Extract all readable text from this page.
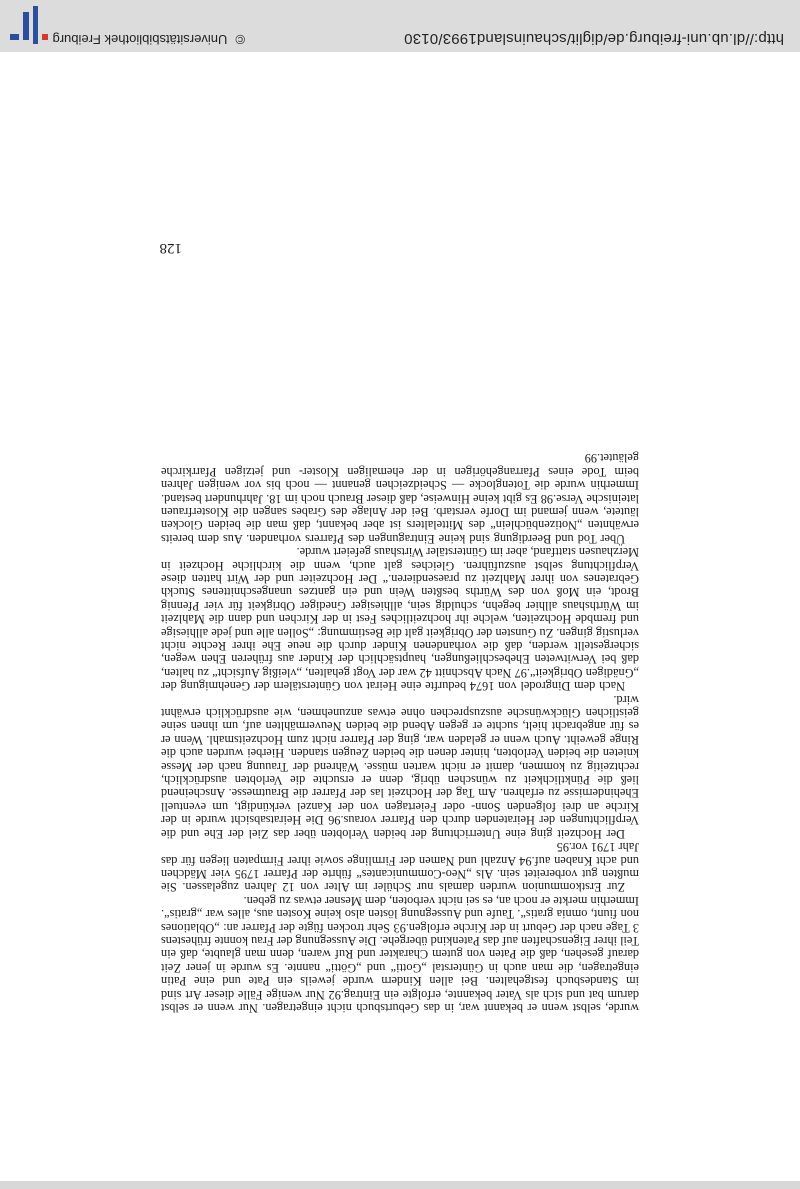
wurde, selbst wenn er bekannt war, in das Geburtsbuch nicht eingetragen. Nur wenn er selbst darum bat und sich als Vater bekannte, erfolgte ein Eintrag.92 Nur wenige Fälle dieser Art sind im Standesbuch festgehalten. Bei allen Kindern wurde jeweils ein Pate und eine Patin eingetragen, die man auch in Günterstal „Gotti“ und „Götti“ nannte. Es wurde in jener Zeit darauf gesehen, daß die Paten von gutem Charakter und Ruf waren, denn man glaubte, daß ein Teil ihrer Eigenschaften auf das Patenkind übergehe. Die Aussegnung der Frau konnte frühestens 3 Tage nach der Geburt in der Kirche erfolgen.93 Sehr trocken fügte der Pfarrer an: „Oblationes non fiunt, omnia gratis“. Taufe und Aussegnung lösten also keine Kosten aus, alles war „gratis“. Immerhin merkte er noch an, es sei nicht verboten, dem Mesner etwas zu geben.

Zur Erstkommunion wurden damals nur Schüler im Alter von 12 Jahren zugelassen. Sie mußten gut vorbereitet sein. Als „Neo-Communicantes“ führte der Pfarrer 1795 vier Mädchen und acht Knaben auf.94 Anzahl und Namen der Firmlinge sowie ihrer Firmpaten liegen für das Jahr 1791 vor.95

Der Hochzeit ging eine Unterrichtung der beiden Verlobten über das Ziel der Ehe und die Verpflichtungen der Heiratenden durch den Pfarrer voraus.96 Die Heiratsabsicht wurde in der Kirche an drei folgenden Sonn- oder Feiertagen von der Kanzel verkündigt, um eventuell Ehehindernisse zu erfahren. Am Tag der Hochzeit las der Pfarrer die Brautmesse. Anscheinend ließ die Pünktlichkeit zu wünschen übrig, denn er ersuchte die Verlobten ausdrücklich, rechtzeitig zu kommen, damit er nicht warten müsse. Während der Trauung nach der Messe knieten die beiden Verlobten, hinter denen die beiden Zeugen standen. Hierbei wurden auch die Ringe geweiht. Auch wenn er geladen war, ging der Pfarrer nicht zum Hochzeitsmahl. Wenn er es für angebracht hielt, suchte er gegen Abend die beiden Neuvermählten auf, um ihnen seine geistlichen Glückwünsche auszusprechen ohne etwas anzunehmen, wie ausdrücklich erwähnt wird.

Nach dem Dingrodel von 1674 bedurfte eine Heirat von Günterstälern der Genehmigung der „Gnädigen Obrigkeit“.97 Nach Abschnitt 42 war der Vogt gehalten, „vleißig Aufsicht“ zu halten, daß bei Verwitweten Ehebeschließungen, hauptsächlich der Kinder aus früheren Ehen wegen, sichergestellt werden, daß die vorhandenen Kinder durch die neue Ehe ihrer Rechte nicht verlustig gingen. Zu Gunsten der Obrigkeit galt die Bestimmung: „Sollen alle und jede allhiesige und frembde Hochzeiten, welche ihr hochzeitliches Fest in der Kirchen und dann die Mahlzeit im Würthshaus allhier begehn, schuldig sein, allhiesiger Gnediger Obrigkeit für vier Pfennig Brodt, ein Moß von des Würths besßten Wein und ein gantzes unangeschnittenes Stuckh Gebratenes von ihrer Mahlzeit zu praesendieren.“ Der Hochzeiter und der Wirt hatten diese Verpflichtung selbst auszuführen. Gleiches galt auch, wenn die kirchliche Hochzeit in Merzhausen stattfand, aber im Günterstäler Wirtshaus gefeiert wurde.

Über Tod und Beerdigung sind keine Eintragungen des Pfarrers vorhanden. Aus dem bereits erwähnten „Notizenbüchlein“ des Mittelalters ist aber bekannt, daß man die beiden Glocken läutete, wenn jemand im Dorfe verstarb. Bei der Anlage des Grabes sangen die Klosterfrauen lateinische Verse.98 Es gibt keine Hinweise, daß dieser Brauch noch im 18. Jahrhundert bestand. Immerhin wurde die Totenglocke — Scheidzeichen genannt — noch bis vor wenigen Jahren beim Tode eines Pfarrangehörigen in der ehemaligen Kloster- und jetzigen Pfarrkirche geläutet.99

128
© Universitätsbibliothek Freiburg	http://dl.ub.uni-freiburg.de/diglit/schauinsland1993/0130
